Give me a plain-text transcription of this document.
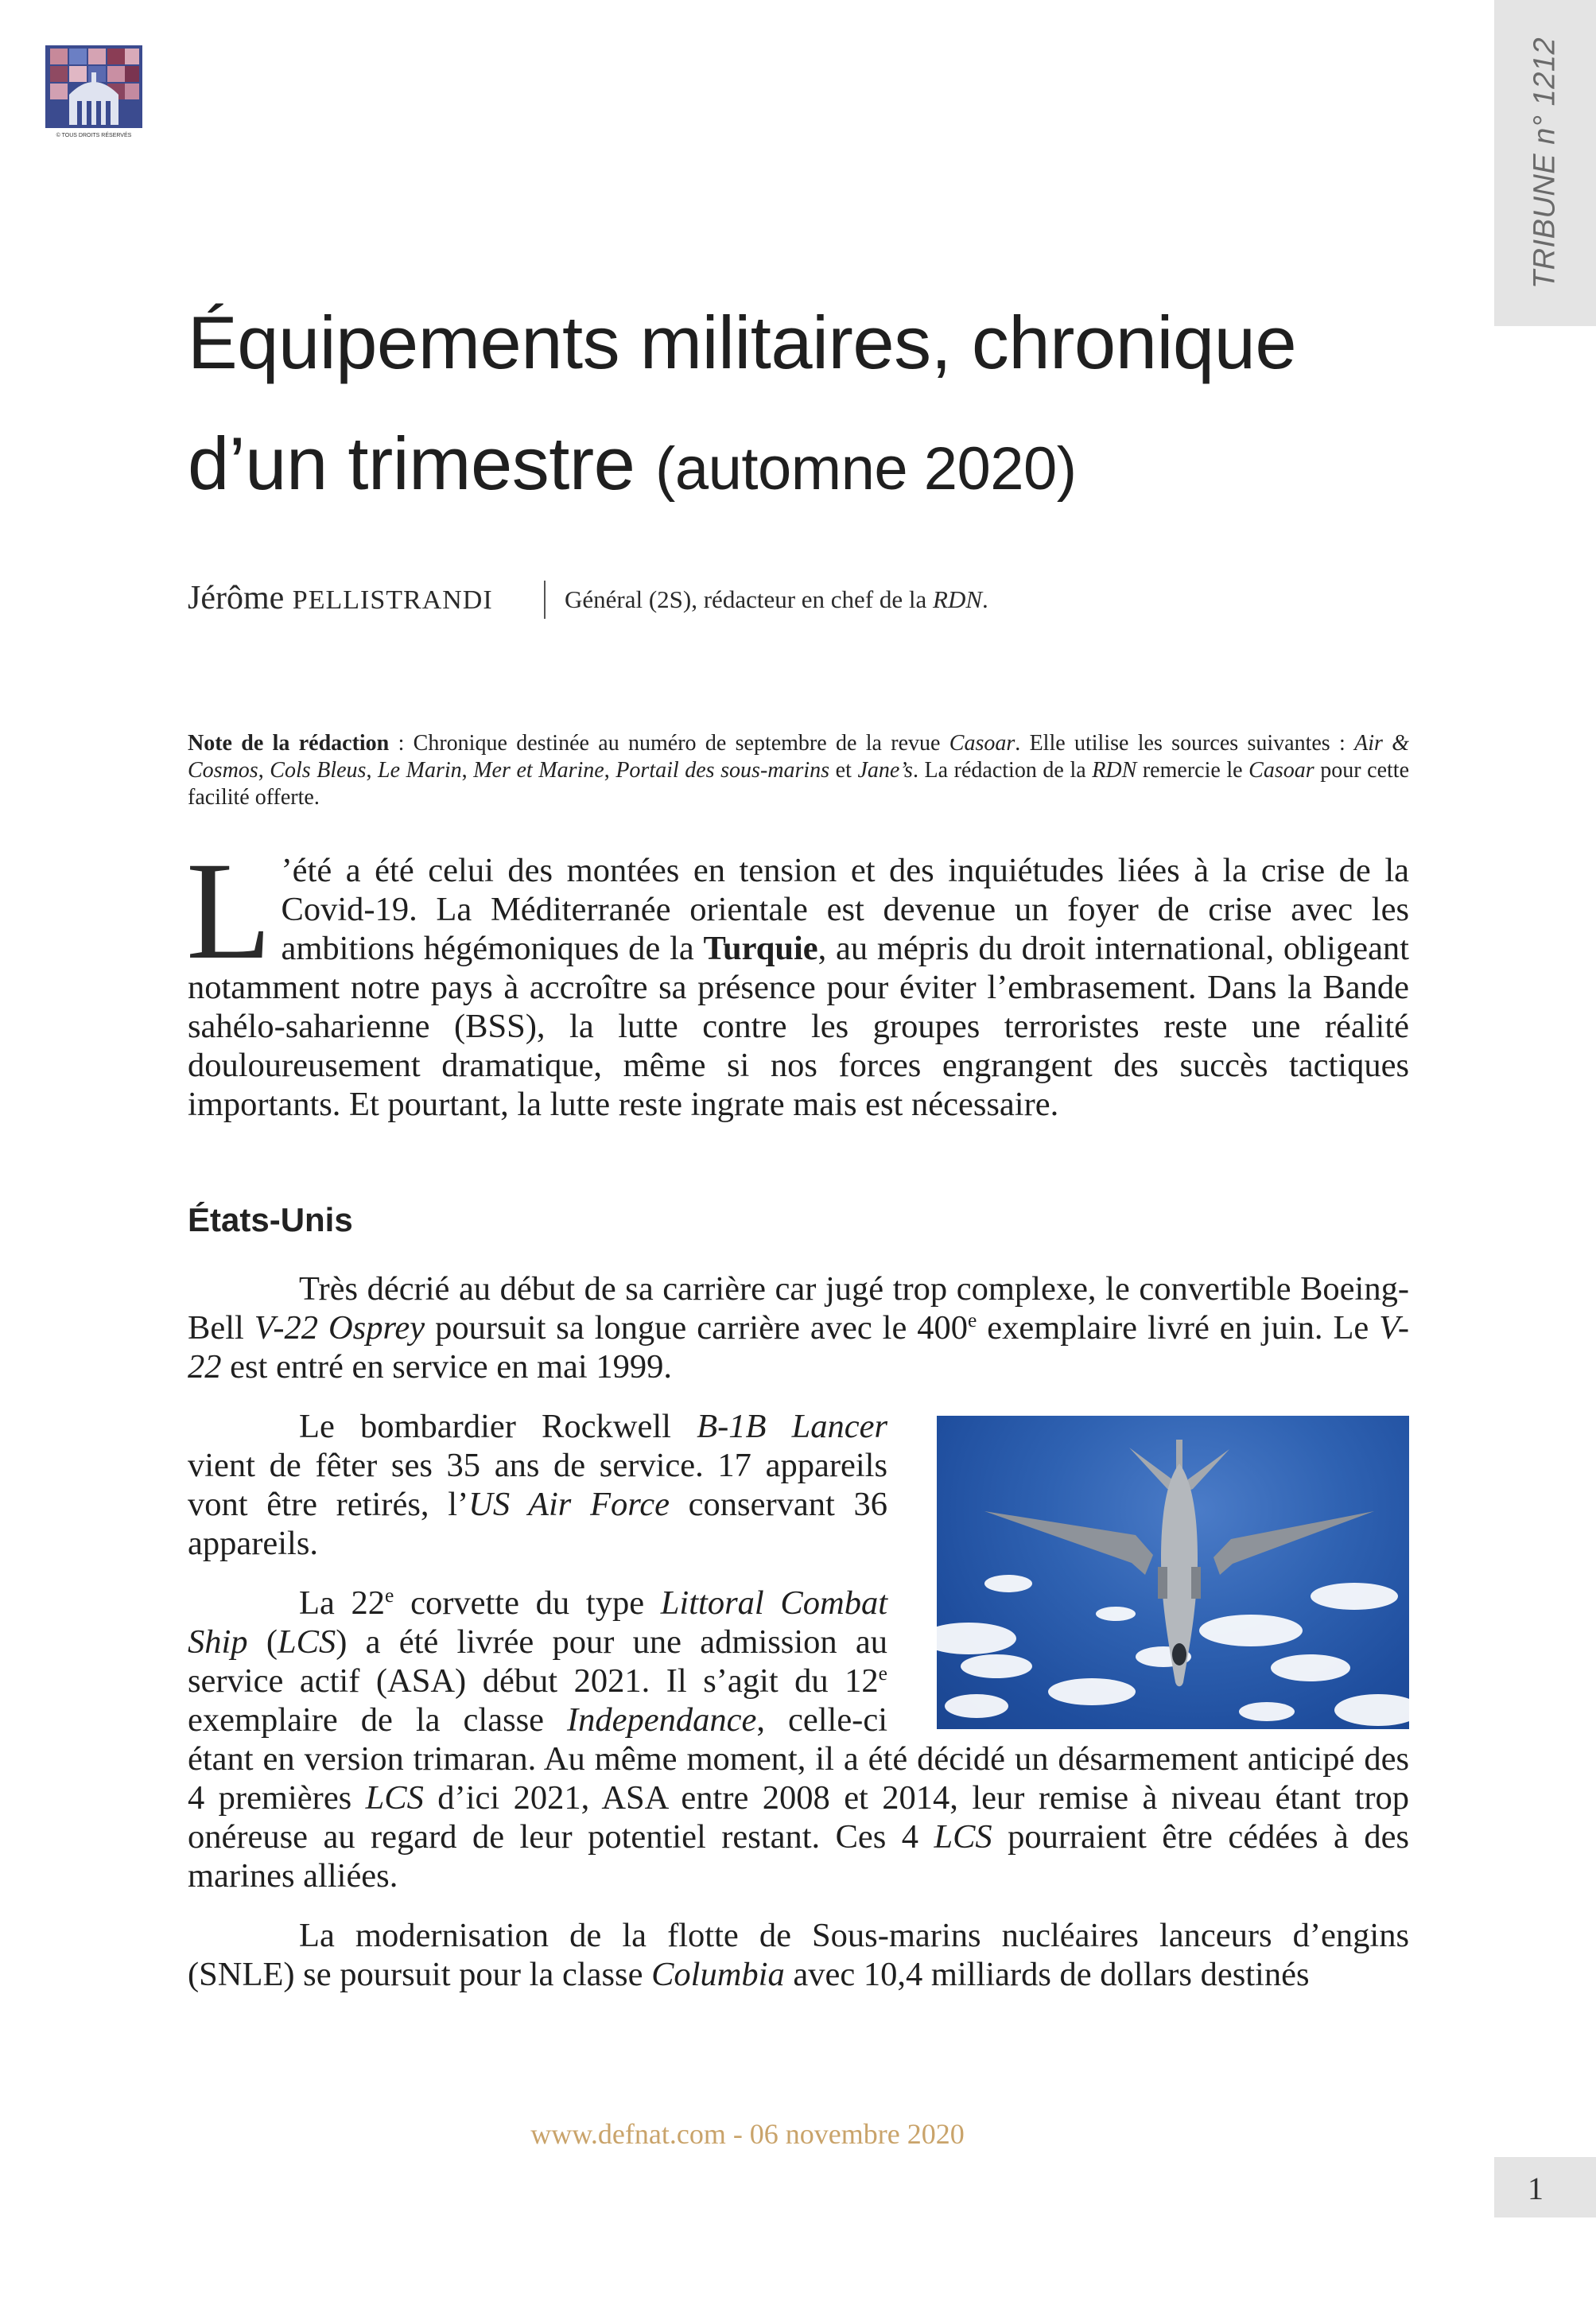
© TOUS DROITS RÉSERVÉS	TRIBUNE n° 1212
Équipements militaires, chronique
d’un trimestre (automne 2020)
Jérôme PELLISTRANDI	Général (2S), rédacteur en chef de la RDN.

Note de la rédaction : Chronique destinée au numéro de septembre de la revue Casoar. Elle utilise les sources suivantes : Air & Cosmos, Cols Bleus, Le Marin, Mer et Marine, Portail des sous-marins et Jane’s. La rédaction de la RDN remercie le Casoar pour cette facilité offerte.

L ’été a été celui des montées en tension et des inquiétudes liées à la crise de la Covid-19. La Méditerranée orientale est devenue un foyer de crise avec les ambitions hégémoniques de la Turquie, au mépris du droit international, obligeant notamment notre pays à accroître sa présence pour éviter l’embrasement. Dans la Bande sahélo-saharienne (BSS), la lutte contre les groupes terroristes reste une réalité douloureusement dramatique, même si nos forces engrangent des succès tactiques importants. Et pourtant, la lutte reste ingrate mais est nécessaire.
États-Unis

Très décrié au début de sa carrière car jugé trop complexe, le convertible Boeing-Bell V-22 Osprey poursuit sa longue carrière avec le 400e exemplaire livré en juin. Le V-22 est entré en service en mai 1999.

Le bombardier Rockwell B-1B Lancer vient de fêter ses 35 ans de service. 17 appareils vont être retirés, l’US Air Force conservant 36 appareils.

La 22e corvette du type Littoral Combat Ship (LCS) a été livrée pour une admission au service actif (ASA) début 2021. Il s’agit du 12e exemplaire de la classe Independance, celle-ci étant en version trimaran. Au même moment, il a été décidé un désarmement anticipé des 4 premières LCS d’ici 2021, ASA entre 2008 et 2014, leur remise à niveau étant trop onéreuse au regard de leur potentiel restant. Ces 4 LCS pourraient être cédées à des marines alliées.

La modernisation de la flotte de Sous-marins nucléaires lanceurs d’engins (SNLE) se poursuit pour la classe Columbia avec 10,4 milliards de dollars destinés

www.defnat.com - 06 novembre 2020
1
